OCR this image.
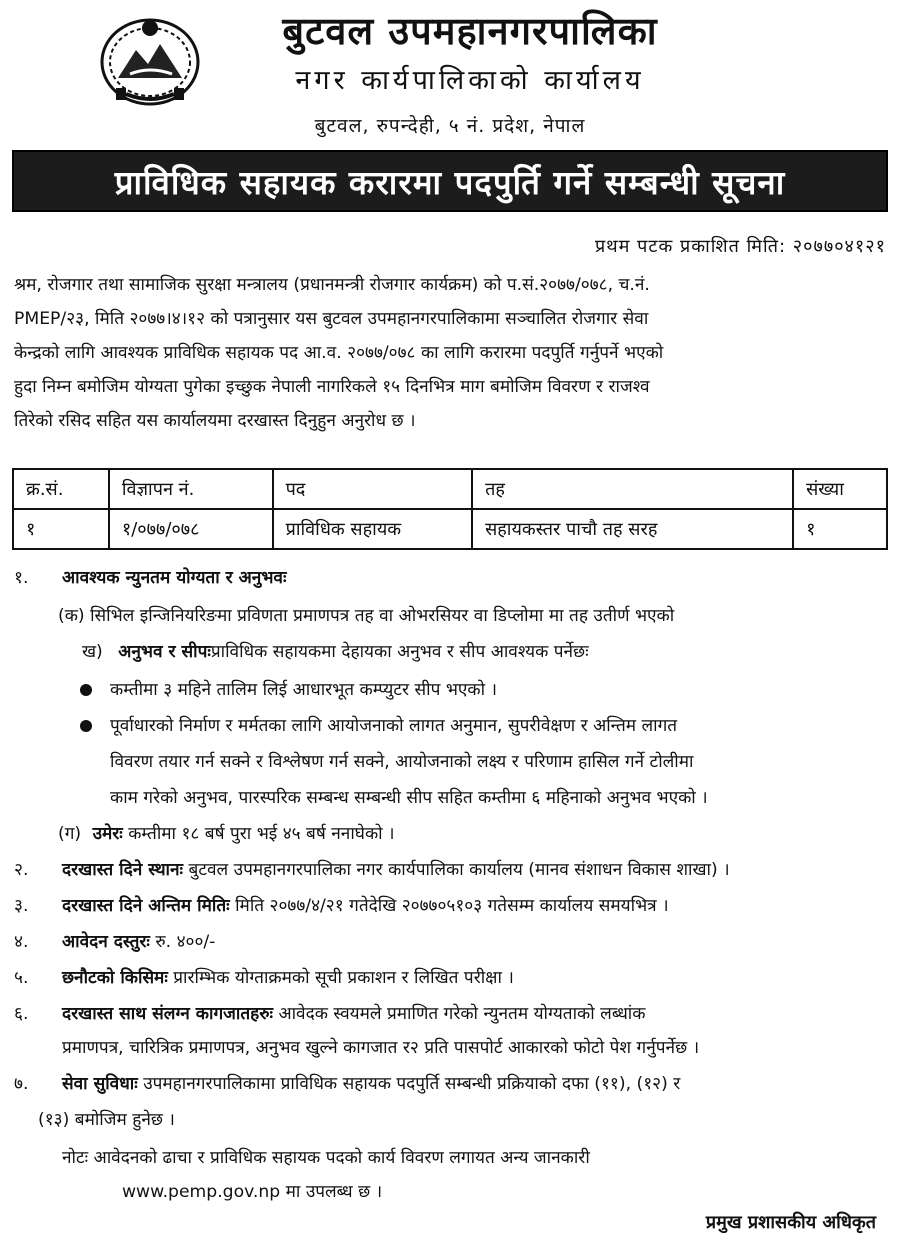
बुटवल उपमहानगरपालिका
नगर कार्यपालिकाको कार्यालय
बुटवल, रुपन्देही, ५ नं. प्रदेश, नेपाल
प्राविधिक सहायक करारमा पदपुर्ति गर्ने सम्बन्धी सूचना
प्रथम पटक प्रकाशित मिति: २०७७०४१२१
श्रम, रोजगार तथा सामाजिक सुरक्षा मन्त्रालय (प्रधानमन्त्री रोजगार कार्यक्रम) को प.सं.२०७७/०७८, च.नं.
PMEP/२३, मिति २०७७।४।१२ को पत्रानुसार यस बुटवल उपमहानगरपालिकामा सञ्चालित रोजगार सेवा
केन्द्रको लागि आवश्यक प्राविधिक सहायक पद आ.व. २०७७/०७८ का लागि करारमा पदपुर्ति गर्नुपर्ने भएकाे
हुदा निम्न बमोजिम योग्यता पुगेका इच्छुक नेपाली नागरिकले १५ दिनभित्र माग बमोजिम विवरण र राजश्व
तिरेको रसिद सहित यस कार्यालयमा दरखास्त दिनुहुन अनुरोध छ ।
क्र.सं.	विज्ञापन नं.	पद	तह	संख्या
१	१/०७७/०७८	प्राविधिक सहायक	सहायकस्तर पाचौ तह सरह	१
१. आवश्यक न्युनतम योग्यता र अनुभवः
(क) सिभिल इन्जिनियरिङमा प्रविणता प्रमाणपत्र तह वा ओभरसियर वा डिप्लोमा मा तह उतीर्ण भएको
ख) अनुभव र सीपःप्राविधिक सहायकमा देहायका अनुभव र सीप आवश्यक पर्नेछः
कम्तीमा ३ महिने तालिम लिई आधारभूत कम्प्युटर सीप भएको ।
पूर्वाधारको निर्माण र मर्मतका लागि आयोजनाको लागत अनुमान, सुपरीवेक्षण र अन्तिम लागत
विवरण तयार गर्न सक्ने र विश्लेषण गर्न सक्ने, आयोजनाको लक्ष्य र परिणाम हासिल गर्ने टोलीमा
काम गरेको अनुभव, पारस्परिक सम्बन्ध सम्बन्धी सीप सहित कम्तीमा ६ महिनाको अनुभव भएको ।
(ग) उमेरः कम्तीमा १८ बर्ष पुरा भई ४५ बर्ष ननाघेको ।
२. दरखास्त दिने स्थानः बुटवल उपमहानगरपालिका नगर कार्यपालिका कार्यालय (मानव संशाधन विकास शाखा) ।
३. दरखास्त दिने अन्तिम मितिः मिति २०७७/४/२१ गतेदेखि २०७७०५१०३ गतेसम्म कार्यालय समयभित्र ।
४. आवेदन दस्तुरः रु. ४००/-
५. छनौटको किसिमः प्रारम्भिक योग्ताक्रमको सूची प्रकाशन र लिखित परीक्षा ।
६. दरखास्त साथ संलग्न कागजातहरुः आवेदक स्वयमले प्रमाणित गरेको न्युनतम योग्यताको लब्धांक
प्रमाणपत्र, चारित्रिक प्रमाणपत्र, अनुभव खुल्ने कागजात र२ प्रति पासपोर्ट आकारको फोटो पेश गर्नुपर्नेछ ।
७. सेवा सुविधाः उपमहानगरपालिकामा प्राविधिक सहायक पदपुर्ति सम्बन्धी प्रक्रियाको दफा (११), (१२) र
(१३) बमोजिम हुनेछ ।
नोटः आवेदनको ढाचा र प्राविधिक सहायक पदको कार्य विवरण लगायत अन्य जानकारी
www.pemp.gov.np मा उपलब्ध छ ।
प्रमुख प्रशासकीय अधिकृत
